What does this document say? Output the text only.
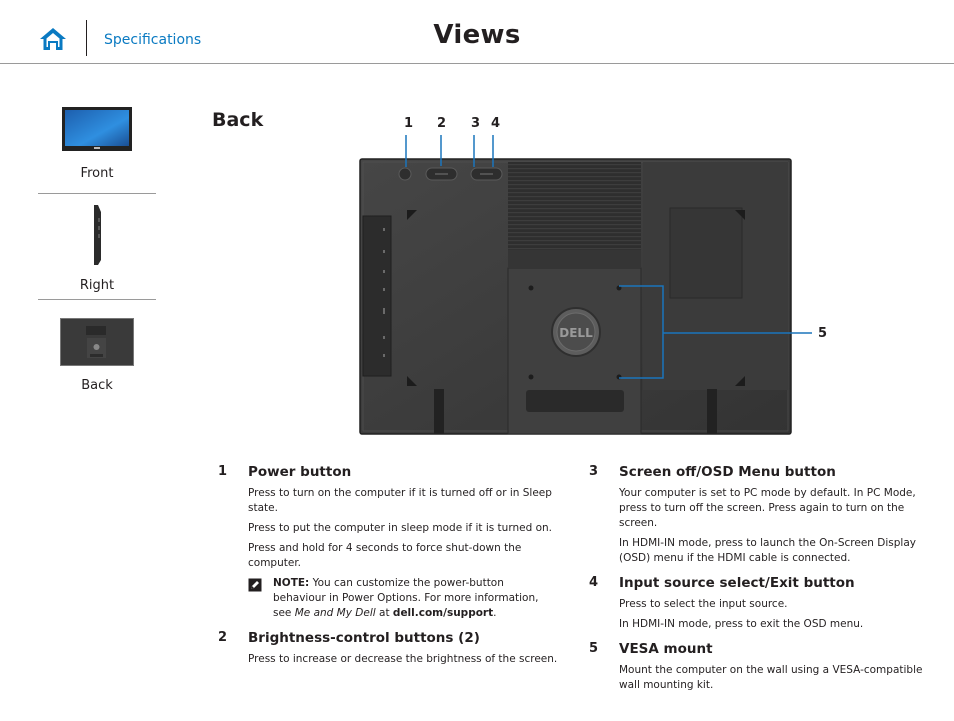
Specifications	Views
Front
Right
Back
Back	1 2 3 4
5
DELL
1 Power button

Press to turn on the computer if it is turned off or in Sleep state.

Press to put the computer in sleep mode if it is turned on.

Press and hold for 4 seconds to force shut-down the computer.

NOTE: You can customize the power-button behaviour in Power Options. For more information, see Me and My Dell at dell.com/support.
2 Brightness-control buttons (2)

Press to increase or decrease the brightness of the screen.

3 Screen off/OSD Menu button

Your computer is set to PC mode by default. In PC Mode, press to turn off the screen. Press again to turn on the screen.

In HDMI-IN mode, press to launch the On-Screen Display (OSD) menu if the HDMI cable is connected.

4 Input source select/Exit button

Press to select the input source.

In HDMI-IN mode, press to exit the OSD menu.

5 VESA mount

Mount the computer on the wall using a VESA-compatible wall mounting kit.
